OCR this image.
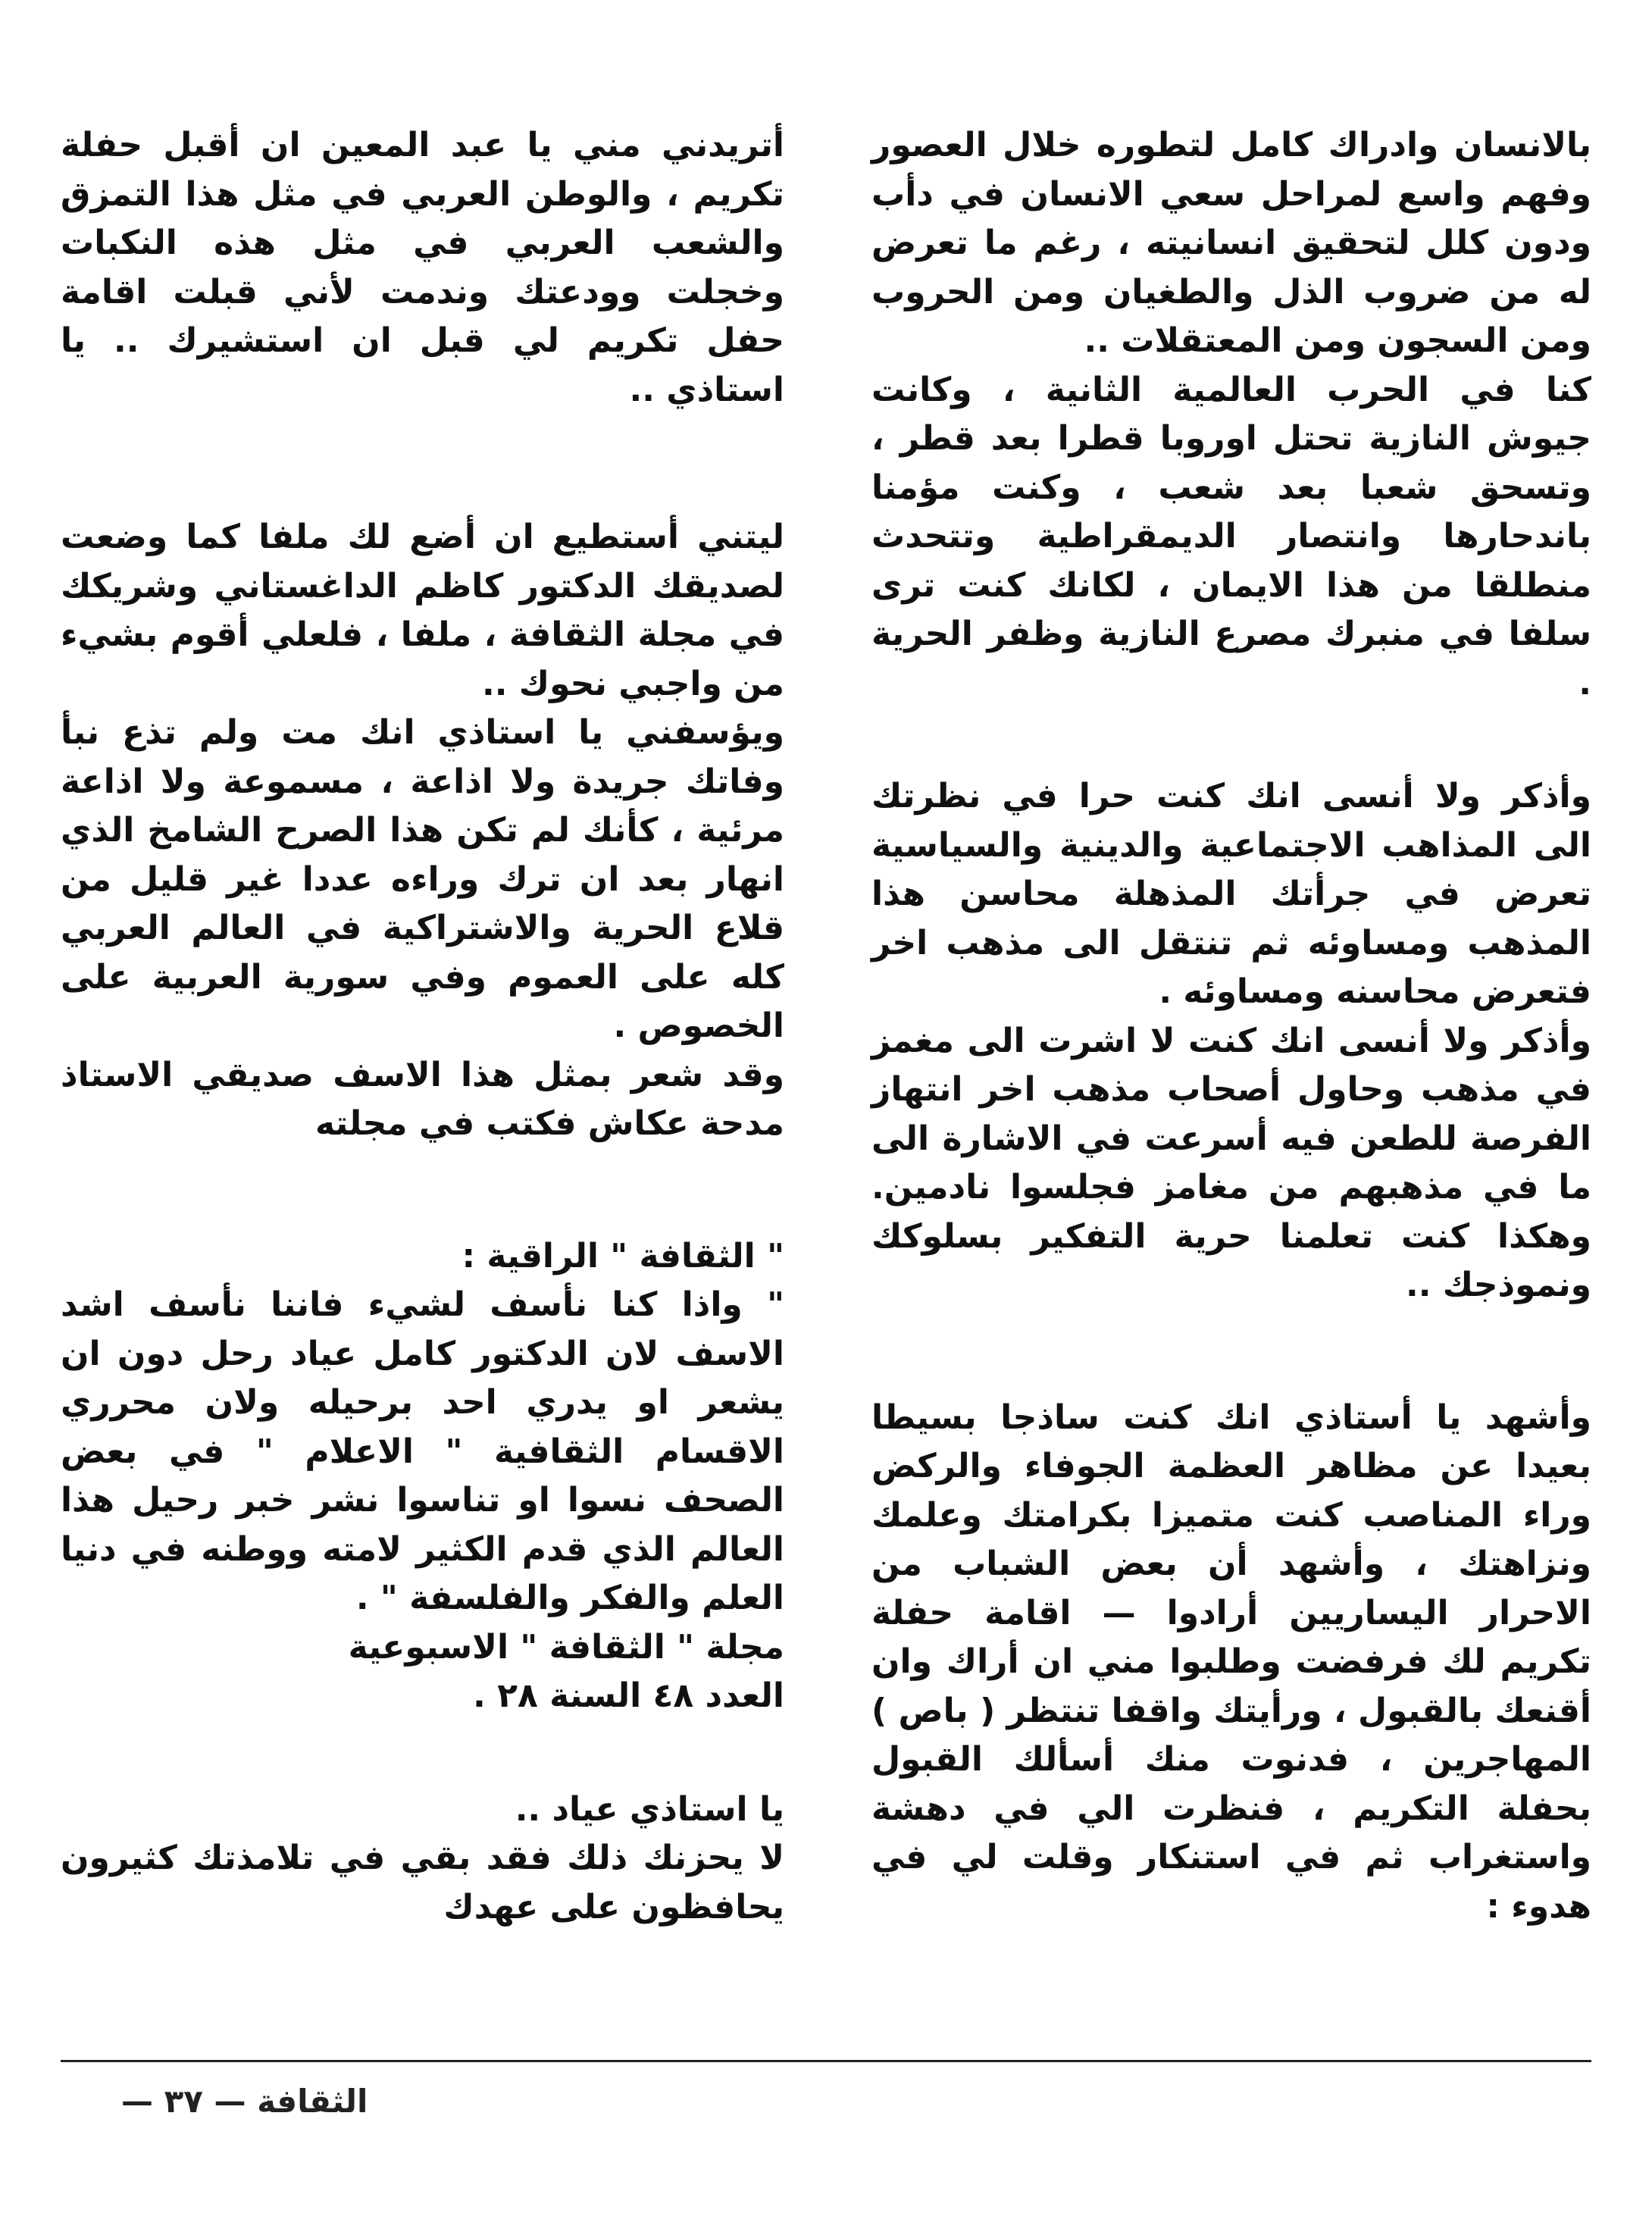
بالانسان وادراك كامل لتطوره خلال العصور وفهم واسع لمراحل سعي الانسان في دأب ودون كلل لتحقيق انسانيته ، رغم ما تعرض له من ضروب الذل والطغيان ومن الحروب ومن السجون ومن المعتقلات ..

كنا في الحرب العالمية الثانية ، وكانت جيوش النازية تحتل اوروبا قطرا بعد قطر ، وتسحق شعبا بعد شعب ، وكنت مؤمنا باندحارها وانتصار الديمقراطية وتتحدث منطلقا من هذا الايمان ، لكانك كنت ترى سلفا في منبرك مصرع النازية وظفر الحرية .

وأذكر ولا أنسى انك كنت حرا في نظرتك الى المذاهب الاجتماعية والدينية والسياسية تعرض في جرأتك المذهلة محاسن هذا المذهب ومساوئه ثم تنتقل الى مذهب اخر فتعرض محاسنه ومساوئه .

وأذكر ولا أنسى انك كنت لا اشرت الى مغمز في مذهب وحاول أصحاب مذهب اخر انتهاز الفرصة للطعن فيه أسرعت في الاشارة الى ما في مذهبهم من مغامز فجلسوا نادمين. وهكذا كنت تعلمنا حرية التفكير بسلوكك ونموذجك ..

وأشهد يا أستاذي انك كنت ساذجا بسيطا بعيدا عن مظاهر العظمة الجوفاء والركض وراء المناصب كنت متميزا بكرامتك وعلمك ونزاهتك ، وأشهد أن بعض الشباب من الاحرار اليساريين أرادوا — اقامة حفلة تكريم لك فرفضت وطلبوا مني ان أراك وان أقنعك بالقبول ، ورأيتك واقفا تنتظر ( باص ) المهاجرين ، فدنوت منك أسألك القبول بحفلة التكريم ، فنظرت الي في دهشة واستغراب ثم في استنكار وقلت لي في هدوء :

أتريدني مني يا عبد المعين ان أقبل حفلة تكريم ، والوطن العربي في مثل هذا التمزق والشعب العربي في مثل هذه النكبات وخجلت وودعتك وندمت لأني قبلت اقامة حفل تكريم لي قبل ان استشيرك .. يا استاذي ..

ليتني أستطيع ان أضع لك ملفا كما وضعت لصديقك الدكتور كاظم الداغستاني وشريكك في مجلة الثقافة ، ملفا ، فلعلي أقوم بشيء من واجبي نحوك ..

ويؤسفني يا استاذي انك مت ولم تذع نبأ وفاتك جريدة ولا اذاعة ، مسموعة ولا اذاعة مرئية ، كأنك لم تكن هذا الصرح الشامخ الذي انهار بعد ان ترك وراءه عددا غير قليل من قلاع الحرية والاشتراكية في العالم العربي كله على العموم وفي سورية العربية على الخصوص .

وقد شعر بمثل هذا الاسف صديقي الاستاذ مدحة عكاش فكتب في مجلته

" الثقافة " الراقية :

" واذا كنا نأسف لشيء فاننا نأسف اشد الاسف لان الدكتور كامل عياد رحل دون ان يشعر او يدري احد برحيله ولان محرري الاقسام الثقافية " الاعلام " في بعض الصحف نسوا او تناسوا نشر خبر رحيل هذا العالم الذي قدم الكثير لامته ووطنه في دنيا العلم والفكر والفلسفة " .

مجلة " الثقافة " الاسبوعية

العدد ٤٨ السنة ٢٨ .

يا استاذي عياد ..

لا يحزنك ذلك فقد بقي في تلامذتك كثيرون يحافظون على عهدك

الثقافة — ٣٧ —
